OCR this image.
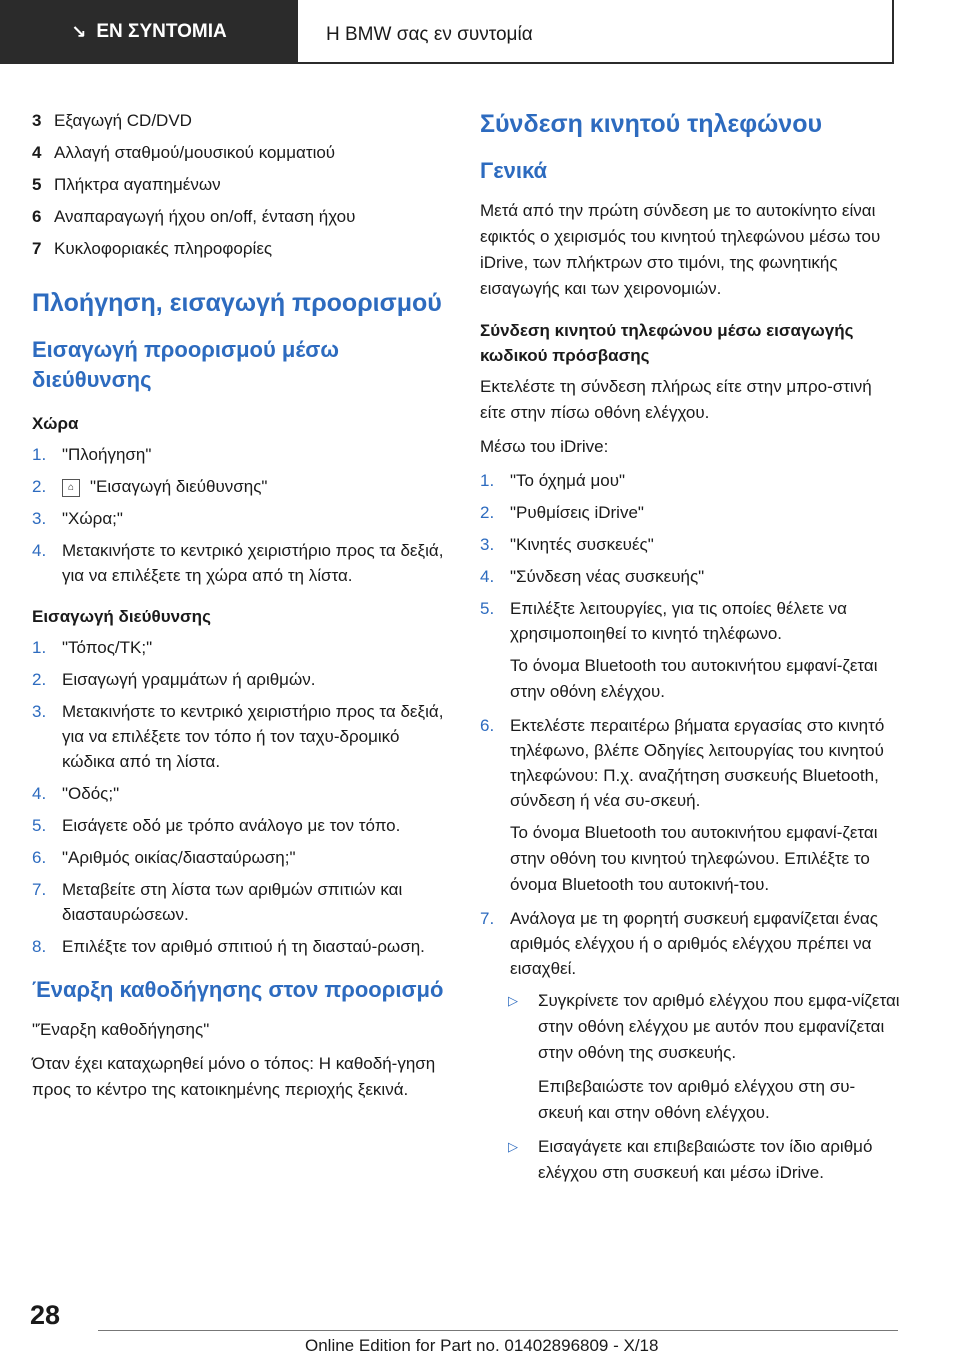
↘ ΕΝ ΣΥΝΤΟΜΙΑ	Η BMW σας εν συντομία
3 Εξαγωγή CD/DVD
4 Αλλαγή σταθμού/μουσικού κομματιού
5 Πλήκτρα αγαπημένων
6 Αναπαραγωγή ήχου on/off, ένταση ήχου
7 Κυκλοφοριακές πληροφορίες
Πλοήγηση, εισαγωγή προορισμού
Εισαγωγή προορισμού μέσω διεύθυνσης
Χώρα
1. "Πλοήγηση"
2.	⌂ "Εισαγωγή διεύθυνσης"
3. "Χώρα;"
4. Μετακινήστε το κεντρικό χειριστήριο προς τα δεξιά, για να επιλέξετε τη χώρα από τη λίστα.
Εισαγωγή διεύθυνσης
1. "Τόπος/ΤΚ;"
2. Εισαγωγή γραμμάτων ή αριθμών.
3. Μετακινήστε το κεντρικό χειριστήριο προς τα δεξιά, για να επιλέξετε τον τόπο ή τον ταχυ-δρομικό κώδικα από τη λίστα.
4. "Οδός;"
5. Εισάγετε οδό με τρόπο ανάλογο με τον τόπο.
6. "Αριθμός οικίας/διασταύρωση;"
7. Μεταβείτε στη λίστα των αριθμών σπιτιών και διασταυρώσεων.
8. Επιλέξτε τον αριθμό σπιτιού ή τη διασταύ-ρωση.
Έναρξη καθοδήγησης στον προορισμό
"Έναρξη καθοδήγησης"
Όταν έχει καταχωρηθεί μόνο ο τόπος: Η καθοδή-γηση προς το κέντρο της κατοικημένης περιοχής ξεκινά.
Σύνδεση κινητού τηλεφώνου
Γενικά
Μετά από την πρώτη σύνδεση με το αυτοκίνητο είναι εφικτός ο χειρισμός του κινητού τηλεφώνου μέσω του iDrive, των πλήκτρων στο τιμόνι, της φωνητικής εισαγωγής και των χειρονομιών.
Σύνδεση κινητού τηλεφώνου μέσω εισαγωγής κωδικού πρόσβασης
Εκτελέστε τη σύνδεση πλήρως είτε στην μπρο-στινή είτε στην πίσω οθόνη ελέγχου.
Μέσω του iDrive:
1. "Το όχημά μου"
2. "Ρυθμίσεις iDrive"
3. "Κινητές συσκευές"
4. "Σύνδεση νέας συσκευής"
5. Επιλέξτε λειτουργίες, για τις οποίες θέλετε να χρησιμοποιηθεί το κινητό τηλέφωνο.
Το όνομα Bluetooth του αυτοκινήτου εμφανί-ζεται στην οθόνη ελέγχου.
6. Εκτελέστε περαιτέρω βήματα εργασίας στο κινητό τηλέφωνο, βλέπε Οδηγίες λειτουργίας του κινητού τηλεφώνου: Π.χ. αναζήτηση συσκευής Bluetooth, σύνδεση ή νέα συ-σκευή.
Το όνομα Bluetooth του αυτοκινήτου εμφανί-ζεται στην οθόνη του κινητού τηλεφώνου. Επιλέξτε το όνομα Bluetooth του αυτοκινή-του.
7. Ανάλογα με τη φορητή συσκευή εμφανίζεται ένας αριθμός ελέγχου ή ο αριθμός ελέγχου πρέπει να εισαχθεί.
▷	Συγκρίνετε τον αριθμό ελέγχου που εμφα-νίζεται στην οθόνη ελέγχου με αυτόν που εμφανίζεται στην οθόνη της συσκευής.
Επιβεβαιώστε τον αριθμό ελέγχου στη συ-σκευή και στην οθόνη ελέγχου.
▷	Εισαγάγετε και επιβεβαιώστε τον ίδιο αριθμό ελέγχου στη συσκευή και μέσω iDrive.
28
Online Edition for Part no. 01402896809 - X/18
